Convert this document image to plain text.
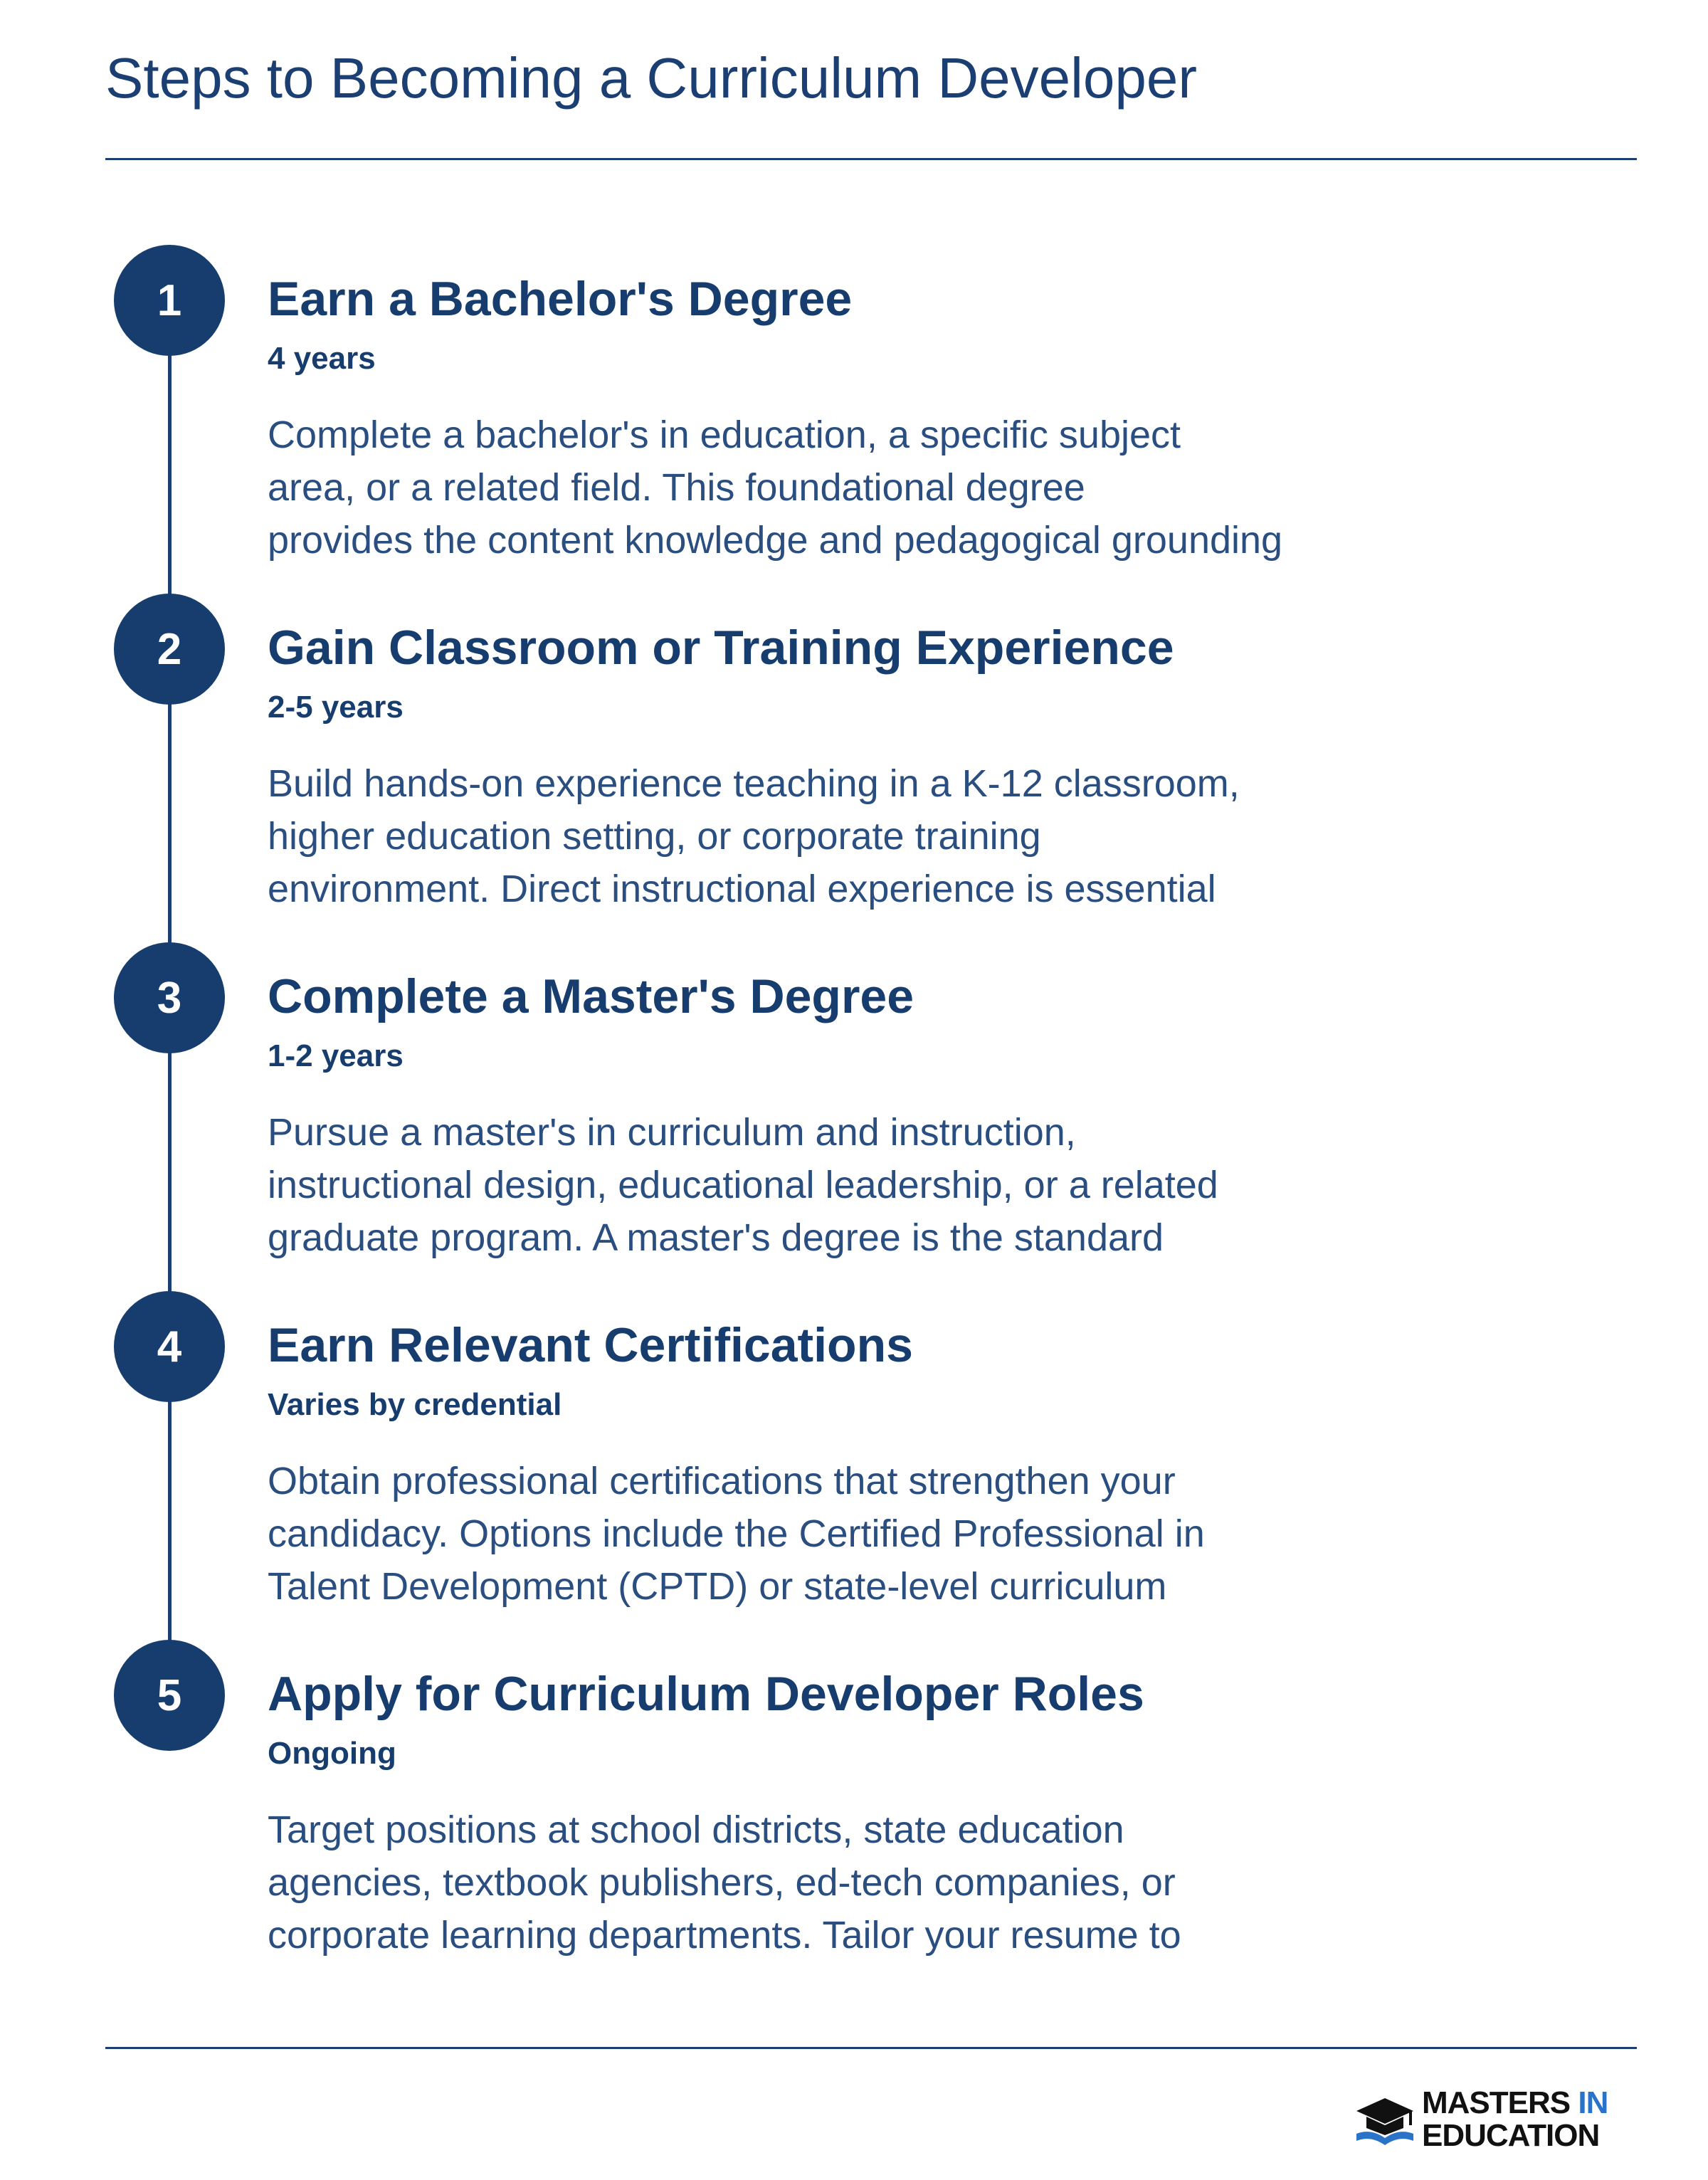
Steps to Becoming a Curriculum Developer
1	Earn a Bachelor's Degree
4 years
Complete a bachelor's in education, a specific subject
area, or a related field. This foundational degree
provides the content knowledge and pedagogical grounding
2	Gain Classroom or Training Experience
2-5 years
Build hands-on experience teaching in a K-12 classroom,
higher education setting, or corporate training
environment. Direct instructional experience is essential
3	Complete a Master's Degree
1-2 years
Pursue a master's in curriculum and instruction,
instructional design, educational leadership, or a related
graduate program. A master's degree is the standard
4	Earn Relevant Certifications
Varies by credential
Obtain professional certifications that strengthen your
candidacy. Options include the Certified Professional in
Talent Development (CPTD) or state-level curriculum
5	Apply for Curriculum Developer Roles
Ongoing
Target positions at school districts, state education
agencies, textbook publishers, ed-tech companies, or
corporate learning departments. Tailor your resume to
MASTERS IN
EDUCATION
